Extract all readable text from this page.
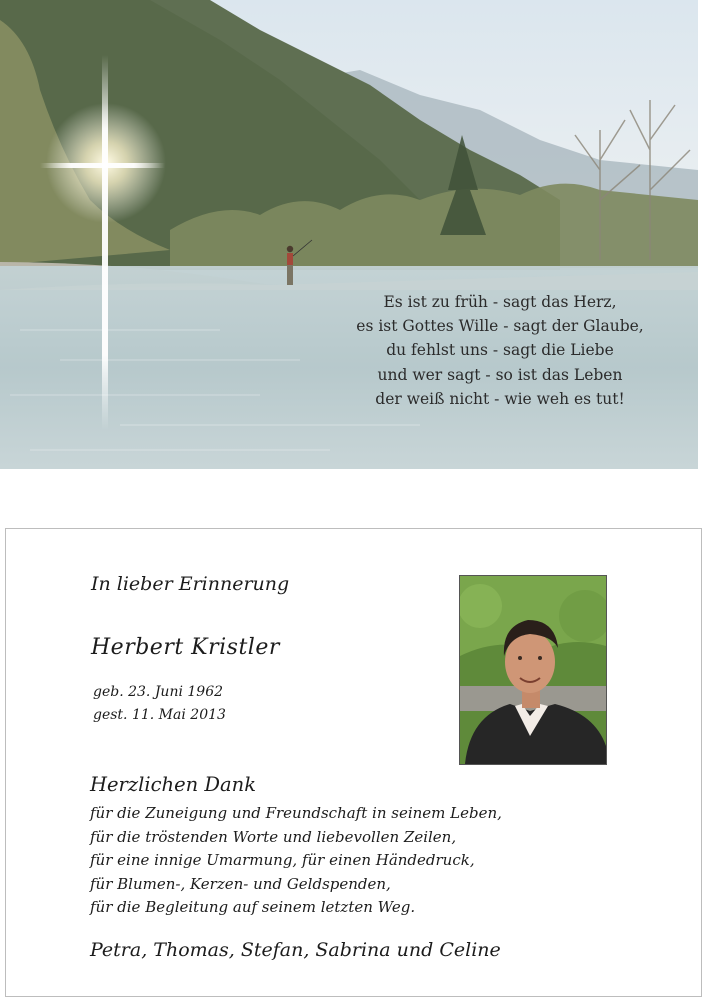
Es ist zu früh - sagt das Herz,
es ist Gottes Wille - sagt der Glaube,
du fehlst uns - sagt die Liebe
und wer sagt - so ist das Leben
der weiß nicht - wie weh es tut!
In lieber Erinnerung
Herbert Kristler
geb. 23. Juni 1962
gest. 11. Mai 2013
Herzlichen Dank
für die Zuneigung und Freundschaft in seinem Leben,
für die tröstenden Worte und liebevollen Zeilen,
für eine innige Umarmung, für einen Händedruck,
für Blumen-, Kerzen- und Geldspenden,
für die Begleitung auf seinem letzten Weg.
Petra, Thomas, Stefan, Sabrina und Celine
